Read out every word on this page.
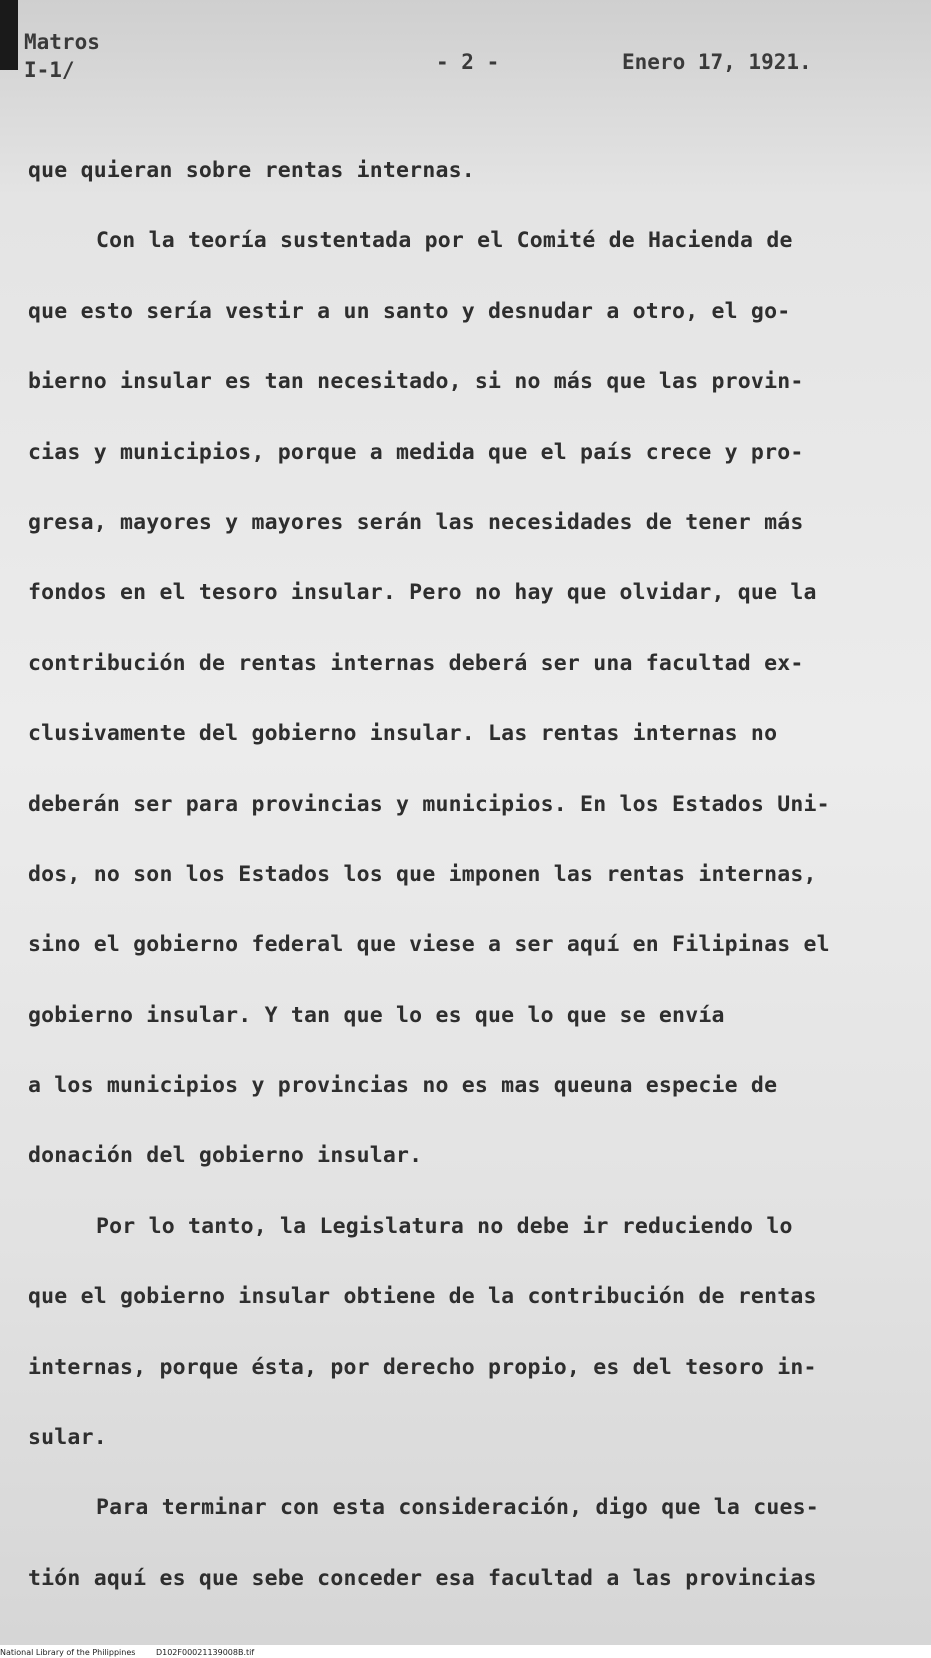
Matros
I-1/	- 2 -	Enero 17, 1921.
que quieran sobre rentas internas.
Con la teoría sustentada por el Comité de Hacienda de
que esto sería vestir a un santo y desnudar a otro, el go-
bierno insular es tan necesitado, si no más que las provin-
cias y municipios, porque a medida que el país crece y pro-
gresa, mayores y mayores serán las necesidades de tener más
fondos en el tesoro insular. Pero no hay que olvidar, que la
contribución de rentas internas deberá ser una facultad ex-
clusivamente del gobierno insular. Las rentas internas no
deberán ser para provincias y municipios. En los Estados Uni-
dos, no son los Estados los que imponen las rentas internas,
sino el gobierno federal que viese a ser aquí en Filipinas el
gobierno insular. Y tan que lo es que lo que se envía
a los municipios y provincias no es mas queuna especie de
donación del gobierno insular.
Por lo tanto, la Legislatura no debe ir reduciendo lo
que el gobierno insular obtiene de la contribución de rentas
internas, porque ésta, por derecho propio, es del tesoro in-
sular.
Para terminar con esta consideración, digo que la cues-
tión aquí es que sebe conceder esa facultad a las provincias
National Library of the Philippines	D102F00021139008B.tif
